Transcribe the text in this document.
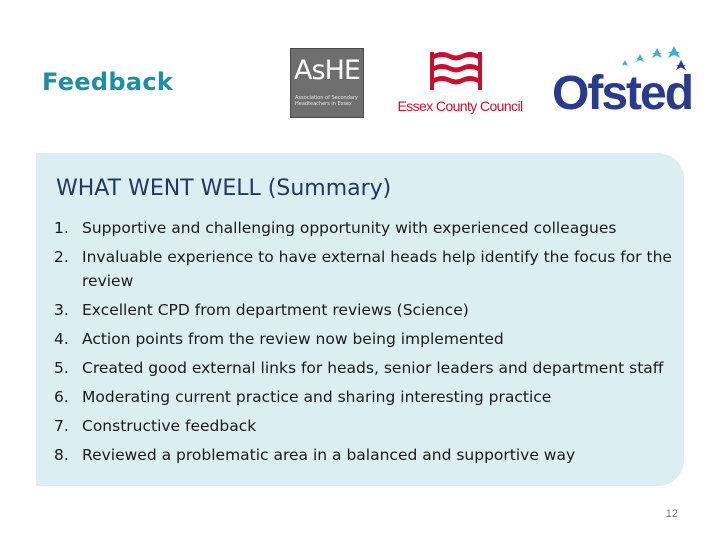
Feedback	AsHE
Association of Secondary Headteachers in Essex	Essex County Council Ofsted
WHAT WENT WELL (Summary)
1. Supportive and challenging opportunity with experienced colleagues
2. Invaluable experience to have external heads help identify the focus for the review
3. Excellent CPD from department reviews (Science)
4. Action points from the review now being implemented
5. Created good external links for heads, senior leaders and department staff
6. Moderating current practice and sharing interesting practice
7. Constructive feedback
8. Reviewed a problematic area in a balanced and supportive way
12
